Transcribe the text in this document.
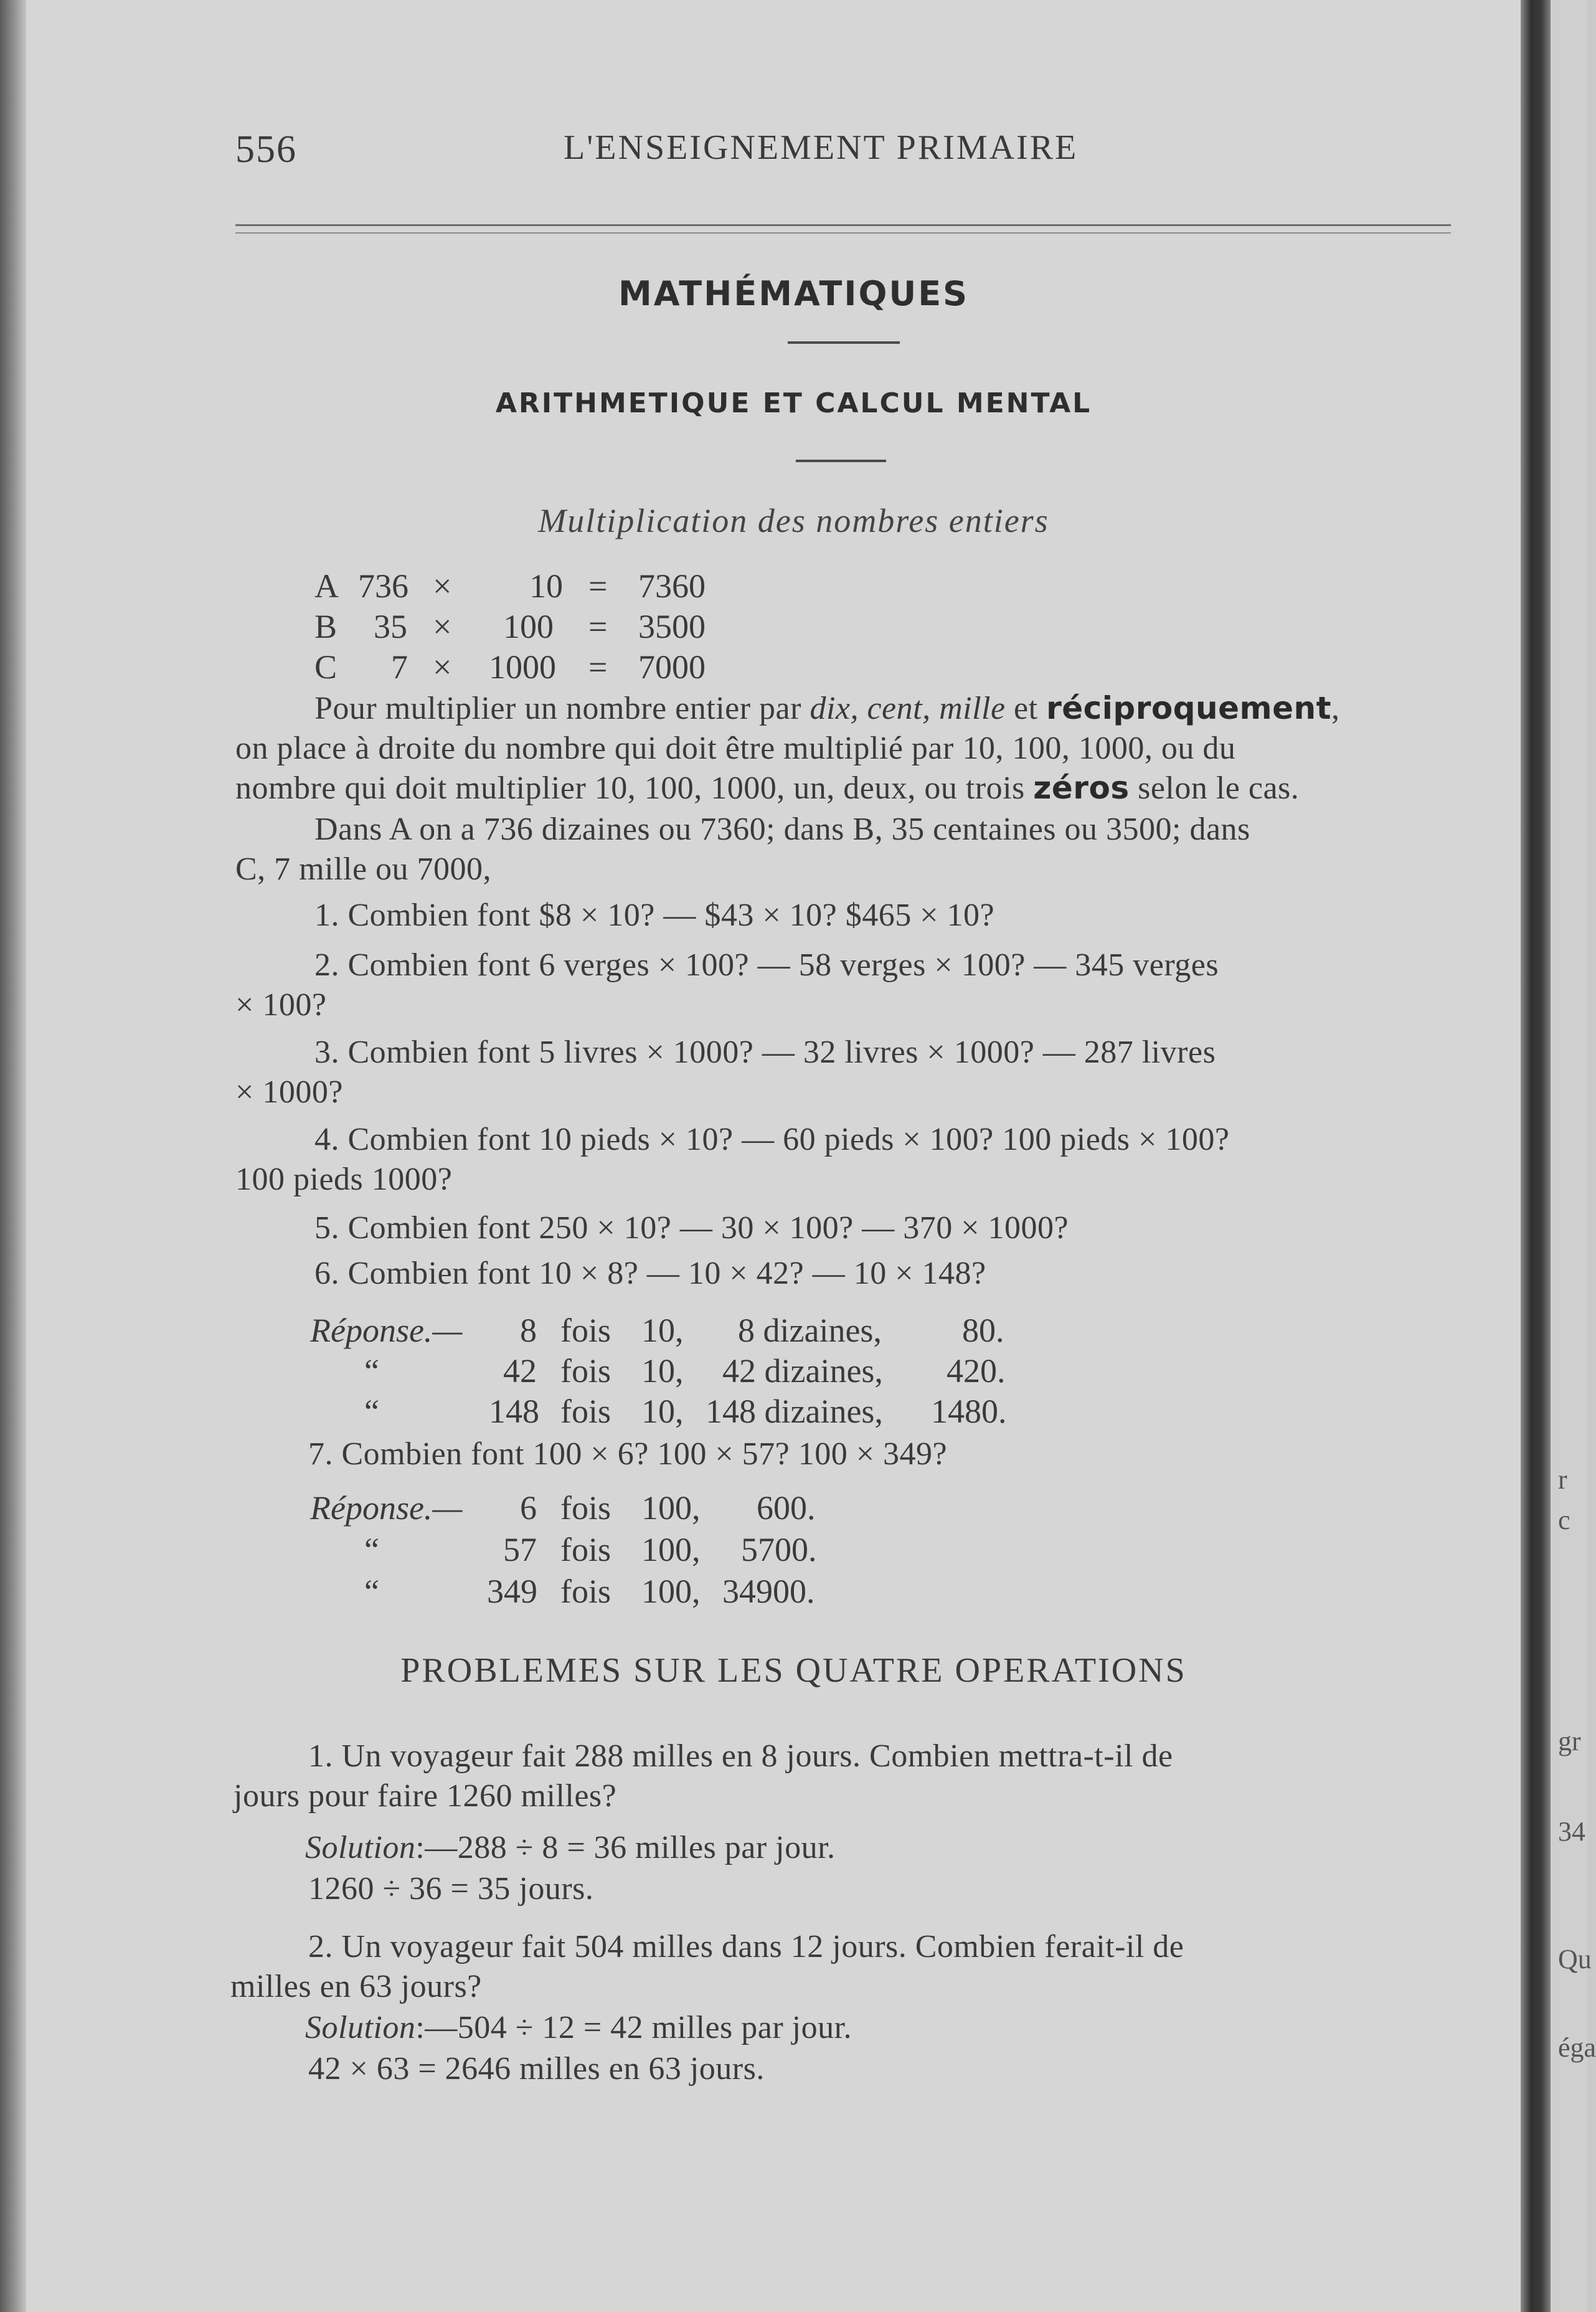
r
c
gr
34
Qu
éga
556	L'ENSEIGNEMENT PRIMAIRE
MATHÉMATIQUES
ARITHMETIQUE ET CALCUL MENTAL
Multiplication des nombres entiers
A 736 × 10 = 7360
B 35 × 100 = 3500
C 7 × 1000 = 7000
Pour multiplier un nombre entier par dix, cent, mille et réciproquement,
on place à droite du nombre qui doit être multiplié par 10, 100, 1000, ou du
nombre qui doit multiplier 10, 100, 1000, un, deux, ou trois zéros selon le cas.
Dans A on a 736 dizaines ou 7360; dans B, 35 centaines ou 3500; dans
C, 7 mille ou 7000,
1. Combien font $8 × 10? — $43 × 10? $465 × 10?
2. Combien font 6 verges × 100? — 58 verges × 100? — 345 verges
× 100?
3. Combien font 5 livres × 1000? — 32 livres × 1000? — 287 livres
× 1000?
4. Combien font 10 pieds × 10? — 60 pieds × 100? 100 pieds × 100?
100 pieds 1000?
5. Combien font 250 × 10? — 30 × 100? — 370 × 1000?
6. Combien font 10 × 8? — 10 × 42? — 10 × 148?
Réponse.— 8 fois 10, 8 dizaines, 80.
“	42 fois 10, 42 dizaines, 420.
“	148 fois 10, 148 dizaines, 1480.
7. Combien font 100 × 6? 100 × 57? 100 × 349?
Réponse.— 6 fois 100, 600.
“	57 fois 100, 5700.
“	349 fois 100, 34900.
PROBLEMES SUR LES QUATRE OPERATIONS
1. Un voyageur fait 288 milles en 8 jours. Combien mettra-t-il de
jours pour faire 1260 milles?
Solution:—288 ÷ 8 = 36 milles par jour.
1260 ÷ 36 = 35 jours.
2. Un voyageur fait 504 milles dans 12 jours. Combien ferait-il de
milles en 63 jours?
Solution:—504 ÷ 12 = 42 milles par jour.
42 × 63 = 2646 milles en 63 jours.
